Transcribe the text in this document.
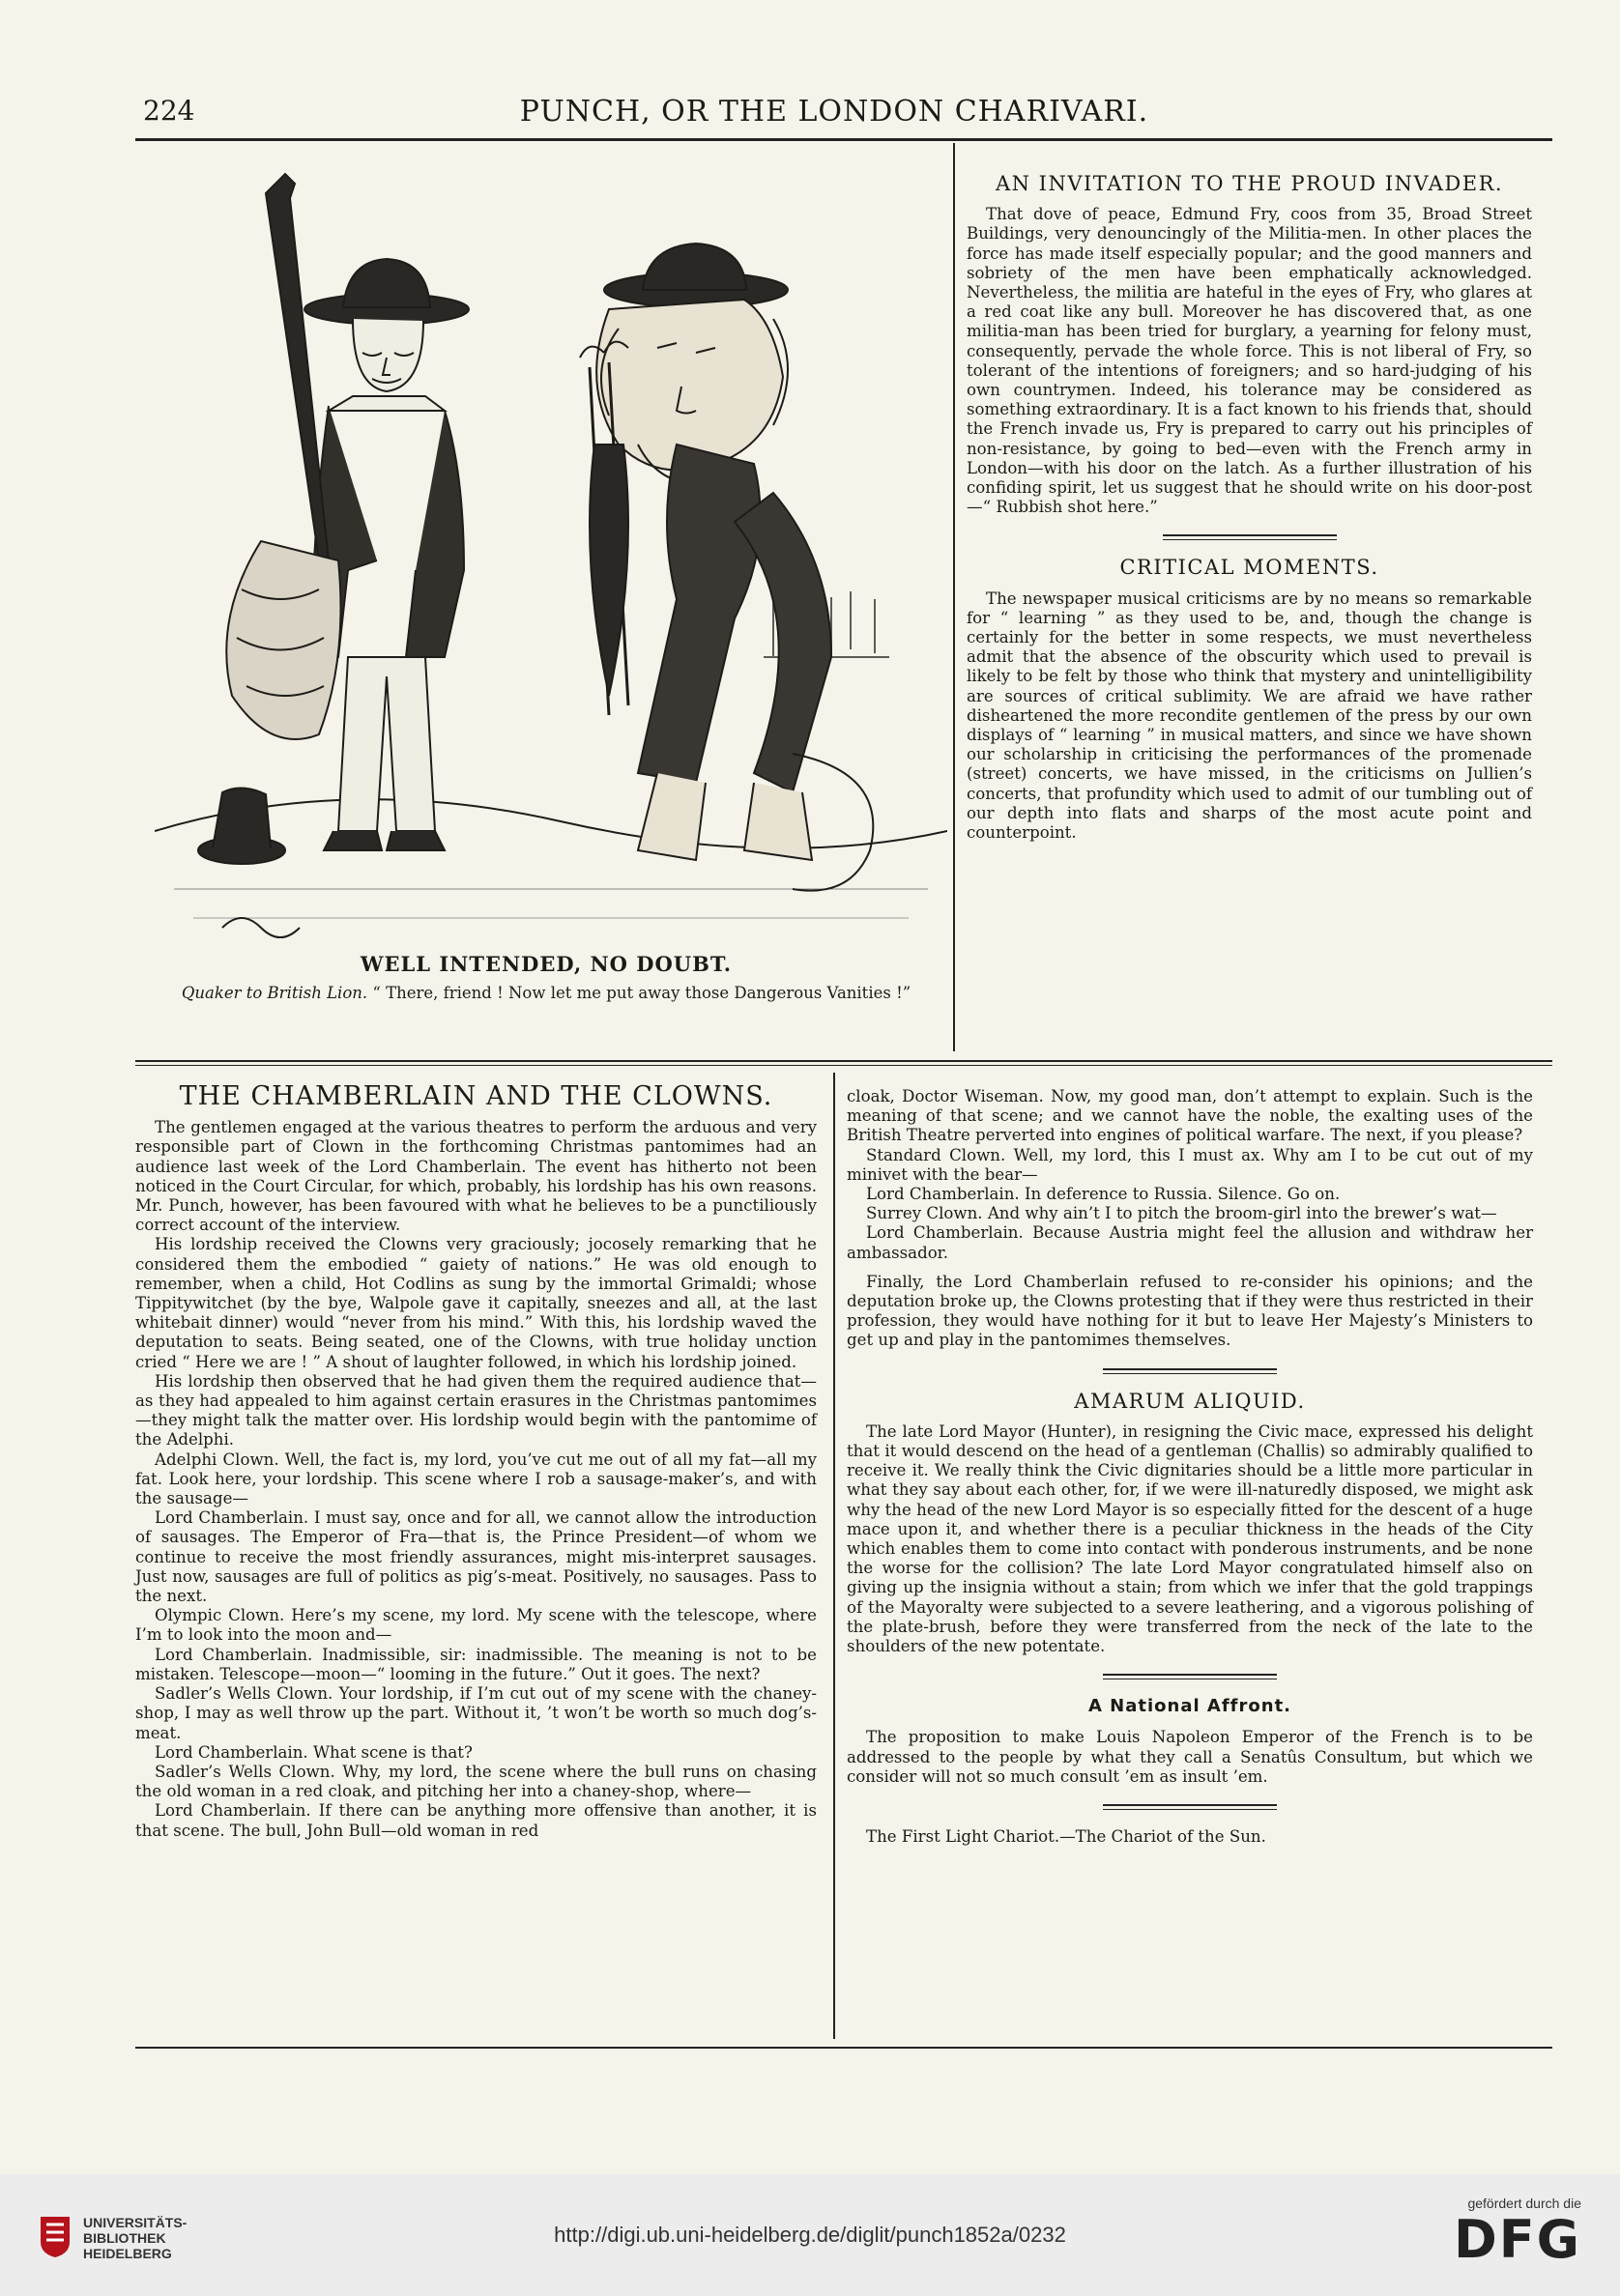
224	PUNCH, OR THE LONDON CHARIVARI.
WELL INTENDED, NO DOUBT.
Quaker to British Lion. “ There, friend ! Now let me put away those Dangerous Vanities !”
AN INVITATION TO THE PROUD INVADER.

That dove of peace, Edmund Fry, coos from 35, Broad Street Buildings, very denouncingly of the Militia-men. In other places the force has made itself especially popular; and the good manners and sobriety of the men have been emphatically acknowledged. Nevertheless, the militia are hateful in the eyes of Fry, who glares at a red coat like any bull. Moreover he has discovered that, as one militia-man has been tried for burglary, a yearning for felony must, consequently, pervade the whole force. This is not liberal of Fry, so tolerant of the intentions of foreigners; and so hard-judging of his own countrymen. Indeed, his tolerance may be considered as something extraordinary. It is a fact known to his friends that, should the French invade us, Fry is prepared to carry out his principles of non-resistance, by going to bed—even with the French army in London—with his door on the latch. As a further illustration of his confiding spirit, let us suggest that he should write on his door-post—“ Rubbish shot here.”

CRITICAL MOMENTS.

The newspaper musical criticisms are by no means so remarkable for “ learning ” as they used to be, and, though the change is certainly for the better in some respects, we must nevertheless admit that the absence of the obscurity which used to prevail is likely to be felt by those who think that mystery and unintelligibility are sources of critical sublimity. We are afraid we have rather disheartened the more recondite gentlemen of the press by our own displays of “ learning ” in musical matters, and since we have shown our scholarship in criticising the performances of the promenade (street) concerts, we have missed, in the criticisms on Jullien’s concerts, that profundity which used to admit of our tumbling out of our depth into flats and sharps of the most acute point and counterpoint.

THE CHAMBERLAIN AND THE CLOWNS.

The gentlemen engaged at the various theatres to perform the arduous and very responsible part of Clown in the forthcoming Christmas pantomimes had an audience last week of the Lord Chamberlain. The event has hitherto not been noticed in the Court Circular, for which, probably, his lordship has his own reasons. Mr. Punch, however, has been favoured with what he believes to be a punctiliously correct account of the interview.

His lordship received the Clowns very graciously; jocosely remarking that he considered them the embodied “ gaiety of nations.” He was old enough to remember, when a child, Hot Codlins as sung by the immortal Grimaldi; whose Tippitywitchet (by the bye, Walpole gave it capitally, sneezes and all, at the last whitebait dinner) would “never from his mind.” With this, his lordship waved the deputation to seats. Being seated, one of the Clowns, with true holiday unction cried “ Here we are ! ” A shout of laughter followed, in which his lordship joined.

His lordship then observed that he had given them the required audience that—as they had appealed to him against certain erasures in the Christmas pantomimes—they might talk the matter over. His lordship would begin with the pantomime of the Adelphi.

Adelphi Clown. Well, the fact is, my lord, you’ve cut me out of all my fat—all my fat. Look here, your lordship. This scene where I rob a sausage-maker’s, and with the sausage—

Lord Chamberlain. I must say, once and for all, we cannot allow the introduction of sausages. The Emperor of Fra—that is, the Prince President—of whom we continue to receive the most friendly assurances, might mis-interpret sausages. Just now, sausages are full of politics as pig’s-meat. Positively, no sausages. Pass to the next.

Olympic Clown. Here’s my scene, my lord. My scene with the telescope, where I’m to look into the moon and—

Lord Chamberlain. Inadmissible, sir: inadmissible. The meaning is not to be mistaken. Telescope—moon—“ looming in the future.” Out it goes. The next?

Sadler’s Wells Clown. Your lordship, if I’m cut out of my scene with the chaney-shop, I may as well throw up the part. Without it, ’t won’t be worth so much dog’s-meat.

Lord Chamberlain. What scene is that?

Sadler’s Wells Clown. Why, my lord, the scene where the bull runs on chasing the old woman in a red cloak, and pitching her into a chaney-shop, where—

Lord Chamberlain. If there can be anything more offensive than another, it is that scene. The bull, John Bull—old woman in red

cloak, Doctor Wiseman. Now, my good man, don’t attempt to explain. Such is the meaning of that scene; and we cannot have the noble, the exalting uses of the British Theatre perverted into engines of political warfare. The next, if you please?

Standard Clown. Well, my lord, this I must ax. Why am I to be cut out of my minivet with the bear—

Lord Chamberlain. In deference to Russia. Silence. Go on.

Surrey Clown. And why ain’t I to pitch the broom-girl into the brewer’s wat—

Lord Chamberlain. Because Austria might feel the allusion and withdraw her ambassador.

Finally, the Lord Chamberlain refused to re-consider his opinions; and the deputation broke up, the Clowns protesting that if they were thus restricted in their profession, they would have nothing for it but to leave Her Majesty’s Ministers to get up and play in the pantomimes themselves.

AMARUM ALIQUID.

The late Lord Mayor (Hunter), in resigning the Civic mace, expressed his delight that it would descend on the head of a gentleman (Challis) so admirably qualified to receive it. We really think the Civic dignitaries should be a little more particular in what they say about each other, for, if we were ill-naturedly disposed, we might ask why the head of the new Lord Mayor is so especially fitted for the descent of a huge mace upon it, and whether there is a peculiar thickness in the heads of the City which enables them to come into contact with ponderous instruments, and be none the worse for the collision? The late Lord Mayor congratulated himself also on giving up the insignia without a stain; from which we infer that the gold trappings of the Mayoralty were subjected to a severe leathering, and a vigorous polishing of the plate-brush, before they were transferred from the neck of the late to the shoulders of the new potentate.

A National Affront.

The proposition to make Louis Napoleon Emperor of the French is to be addressed to the people by what they call a Senatûs Consultum, but which we consider will not so much consult ’em as insult ’em.

The First Light Chariot.—The Chariot of the Sun.

UNIVERSITÄTS-
BIBLIOTHEK
HEIDELBERG
http://digi.ub.uni-heidelberg.de/diglit/punch1852a/0232
gefördert durch die
DFG
